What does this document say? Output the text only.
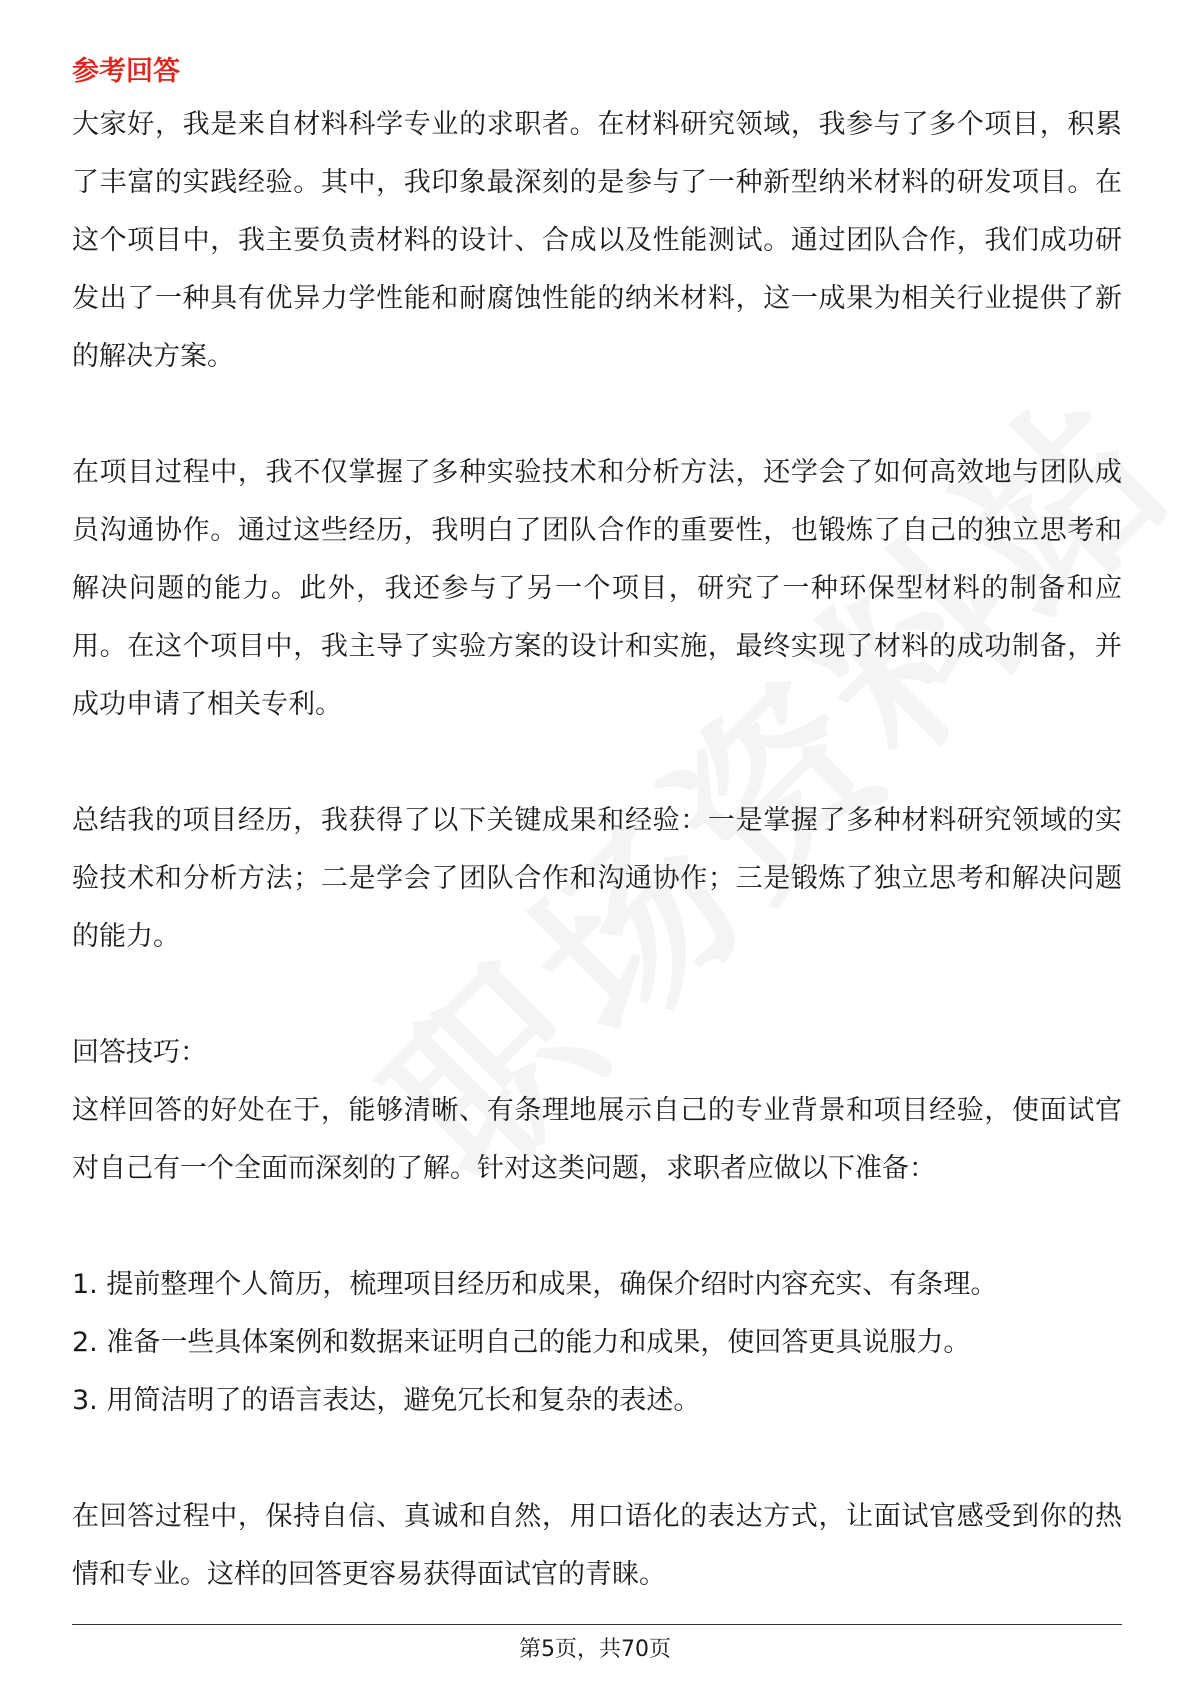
参考回答

大家好，我是来自材料科学专业的求职者。在材料研究领域，我参与了多个项目，积累了丰富的实践经验。其中，我印象最深刻的是参与了一种新型纳米材料的研发项目。在这个项目中，我主要负责材料的设计、合成以及性能测试。通过团队合作，我们成功研发出了一种具有优异力学性能和耐腐蚀性能的纳米材料，这一成果为相关行业提供了新的解决方案。

在项目过程中，我不仅掌握了多种实验技术和分析方法，还学会了如何高效地与团队成员沟通协作。通过这些经历，我明白了团队合作的重要性，也锻炼了自己的独立思考和解决问题的能力。此外，我还参与了另一个项目，研究了一种环保型材料的制备和应用。在这个项目中，我主导了实验方案的设计和实施，最终实现了材料的成功制备，并成功申请了相关专利。

总结我的项目经历，我获得了以下关键成果和经验：一是掌握了多种材料研究领域的实验技术和分析方法；二是学会了团队合作和沟通协作；三是锻炼了独立思考和解决问题的能力。

回答技巧：

这样回答的好处在于，能够清晰、有条理地展示自己的专业背景和项目经验，使面试官对自己有一个全面而深刻的了解。针对这类问题，求职者应做以下准备：

1. 提前整理个人简历，梳理项目经历和成果，确保介绍时内容充实、有条理。
2. 准备一些具体案例和数据来证明自己的能力和成果，使回答更具说服力。
3. 用简洁明了的语言表达，避免冗长和复杂的表述。

在回答过程中，保持自信、真诚和自然，用口语化的表达方式，让面试官感受到你的热情和专业。这样的回答更容易获得面试官的青睐。

第5页，共70页
